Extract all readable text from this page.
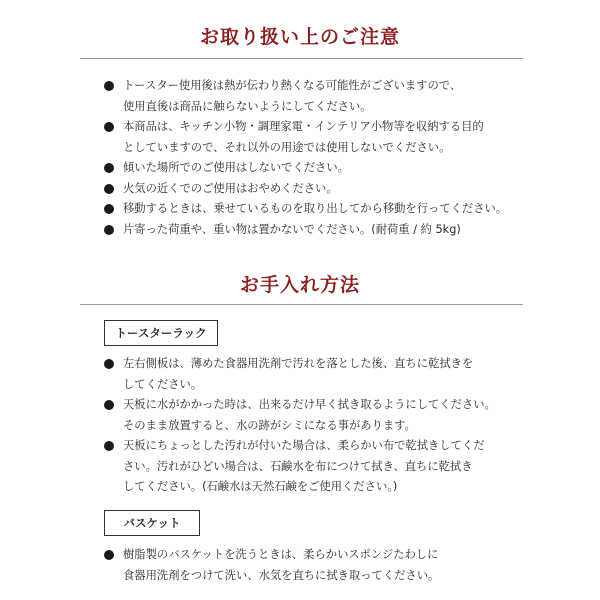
お取り扱い上のご注意
トースター使用後は熱が伝わり熱くなる可能性がございますので、
使用直後は商品に触らないようにしてください。
本商品は、キッチン小物・調理家電・インテリア小物等を収納する目的
としていますので、それ以外の用途では使用しないでください。
傾いた場所でのご使用はしないでください。
火気の近くでのご使用はおやめください。
移動するときは、乗せているものを取り出してから移動を行ってください。
片寄った荷重や、重い物は置かないでください。(耐荷重 / 約 5kg)
お手入れ方法
トースターラック
左右側板は、薄めた食器用洗剤で汚れを落とした後、直ちに乾拭きを
してください。
天板に水がかかった時は、出来るだけ早く拭き取るようにしてください。
そのまま放置すると、水の跡がシミになる事があります。
天板にちょっとした汚れが付いた場合は、柔らかい布で乾拭きしてくだ
さい。汚れがひどい場合は、石鹸水を布につけて拭き、直ちに乾拭き
してください。(石鹸水は天然石鹸をご使用ください。)
バスケット
樹脂製のバスケットを洗うときは、柔らかいスポンジたわしに
食器用洗剤をつけて洗い、水気を直ちに拭き取ってください。
